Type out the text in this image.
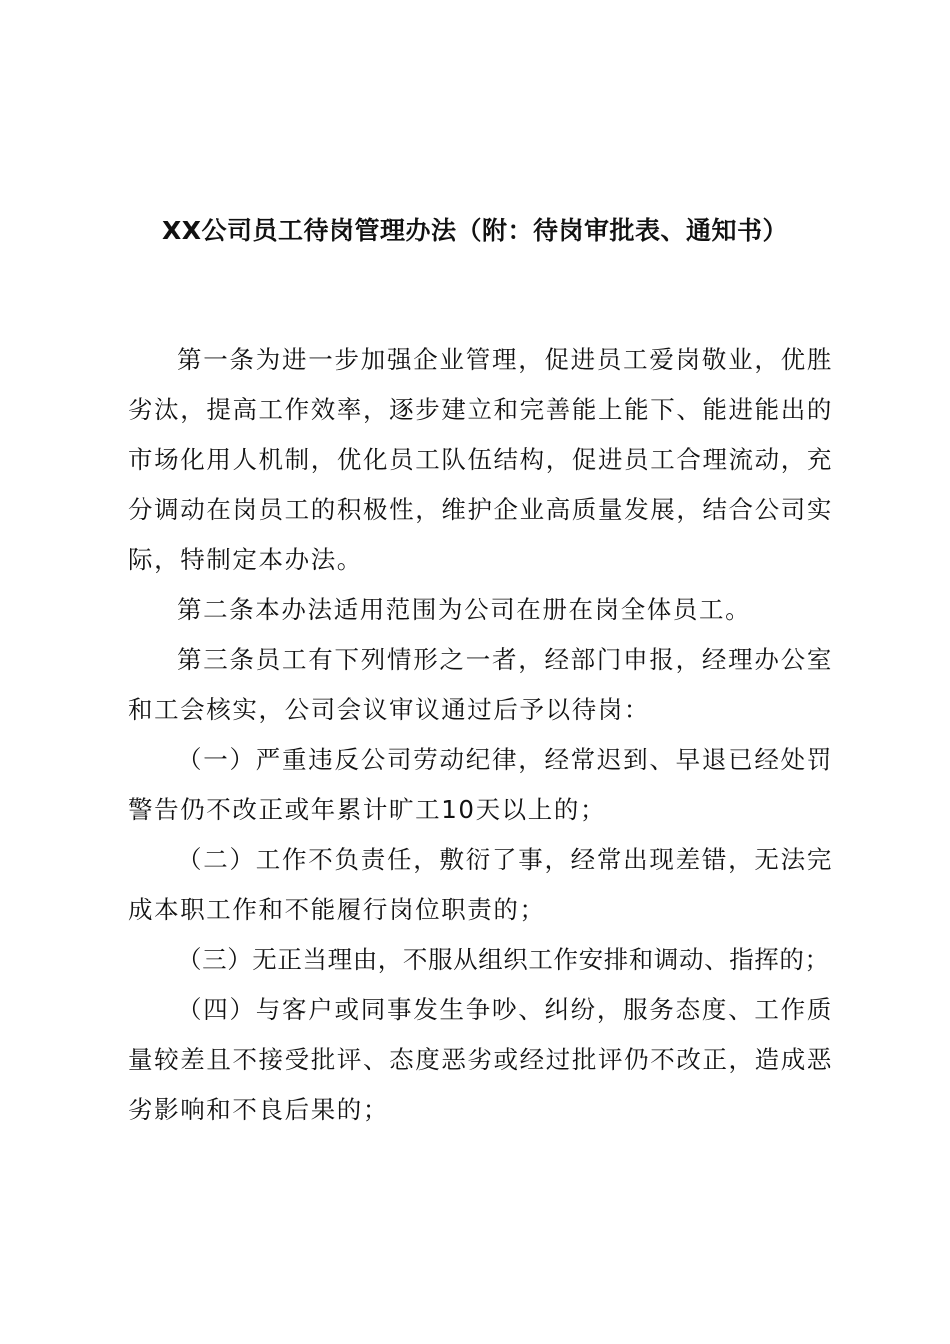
XX公司员工待岗管理办法（附：待岗审批表、通知书）

第一条为进一步加强企业管理，促进员工爱岗敬业，优胜劣汰，提高工作效率，逐步建立和完善能上能下、能进能出的市场化用人机制，优化员工队伍结构，促进员工合理流动，充分调动在岗员工的积极性，维护企业高质量发展，结合公司实际，特制定本办法。

第二条本办法适用范围为公司在册在岗全体员工。

第三条员工有下列情形之一者，经部门申报，经理办公室和工会核实，公司会议审议通过后予以待岗：

（一）严重违反公司劳动纪律，经常迟到、早退已经处罚警告仍不改正或年累计旷工10天以上的；

（二）工作不负责任，敷衍了事，经常出现差错，无法完成本职工作和不能履行岗位职责的；

（三）无正当理由，不服从组织工作安排和调动、指挥的；

（四）与客户或同事发生争吵、纠纷，服务态度、工作质量较差且不接受批评、态度恶劣或经过批评仍不改正，造成恶劣影响和不良后果的；
